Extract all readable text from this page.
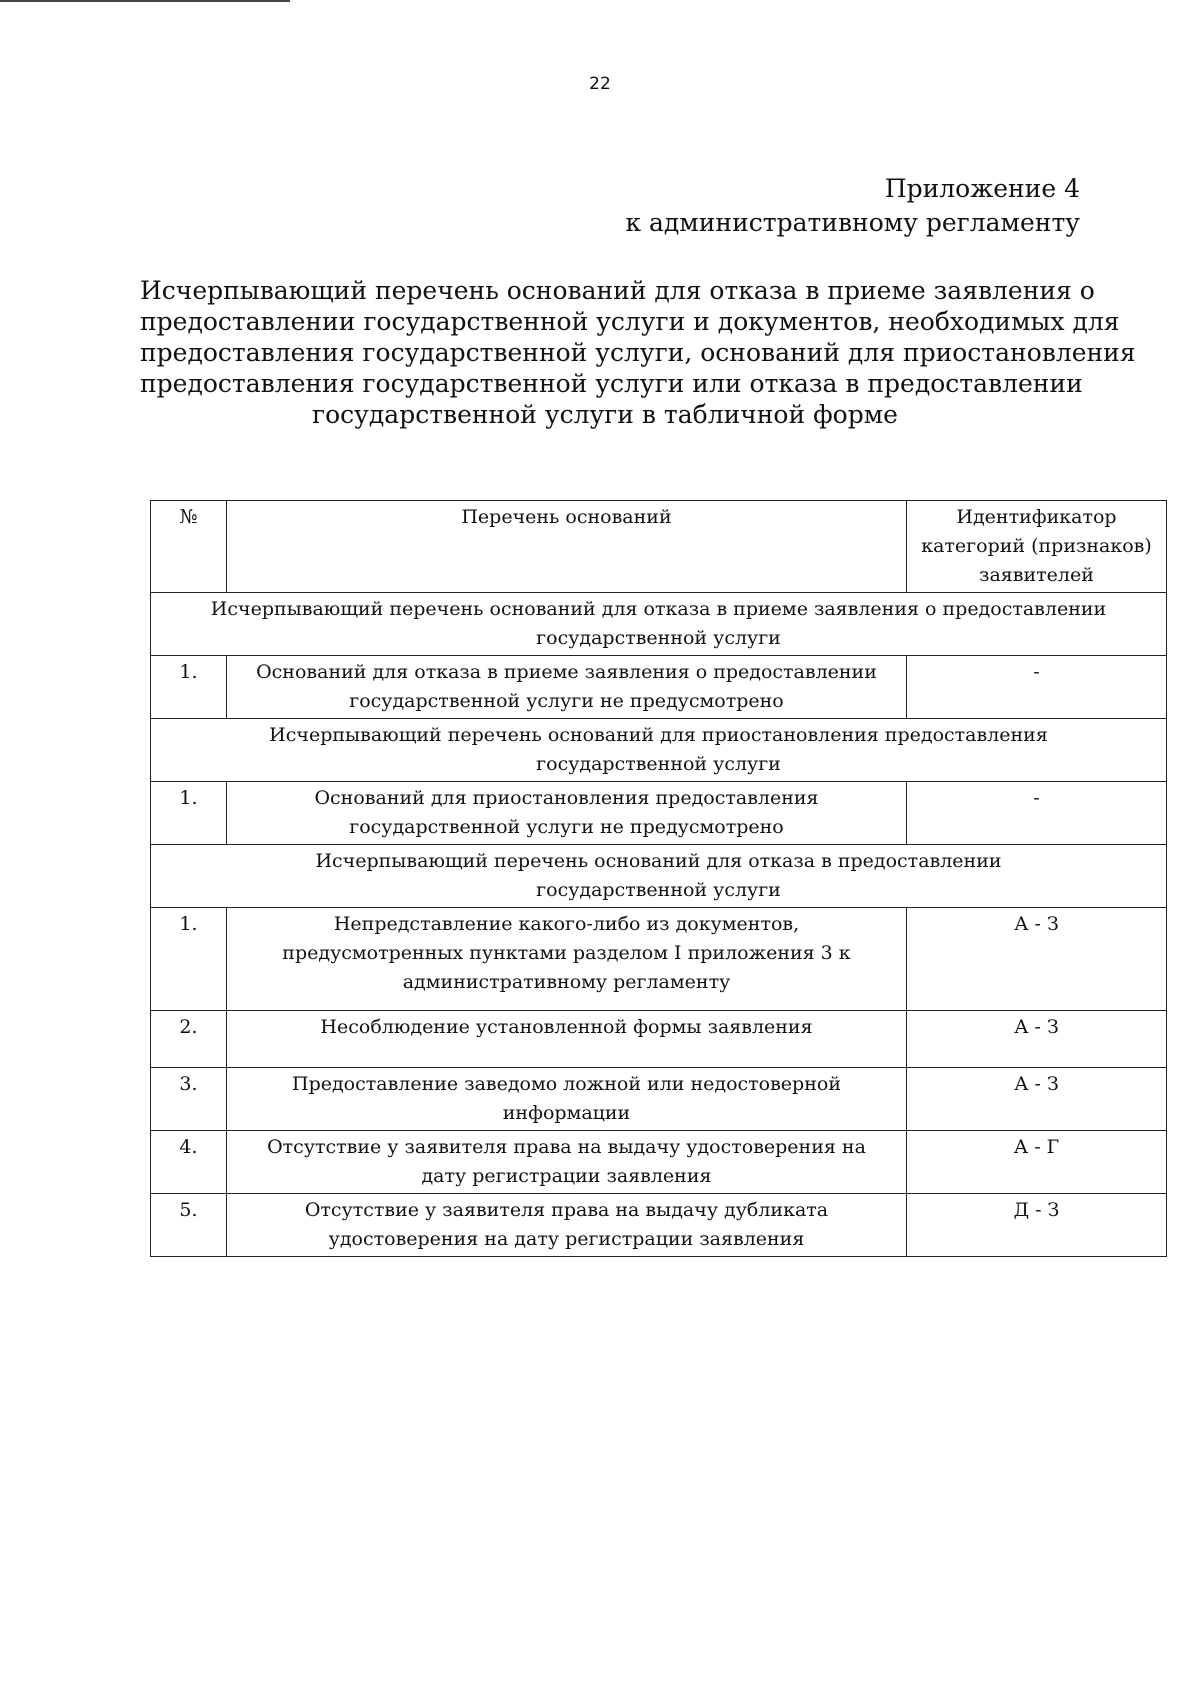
22
Приложение 4
к административному регламенту
Исчерпывающий перечень оснований для отказа в приеме заявления о
предоставлении государственной услуги и документов, необходимых для
предоставления государственной услуги, оснований для приостановления
предоставления государственной услуги или отказа в предоставлении
государственной услуги в табличной форме
№	Перечень оснований	Идентификатор
категорий (признаков)
заявителей

Исчерпывающий перечень оснований для отказа в приеме заявления о предоставлении
государственной услуги		

1.	Оснований для отказа в приеме заявления о предоставлении
государственной услуги не предусмотрено	-

Исчерпывающий перечень оснований для приостановления предоставления
государственной услуги		

1.	Оснований для приостановления предоставления
государственной услуги не предусмотрено	-

Исчерпывающий перечень оснований для отказа в предоставлении
государственной услуги		

1.	Непредставление какого-либо из документов,
предусмотренных пунктами разделом I приложения 3 к
административному регламенту	А - З
2.	Несоблюдение установленной формы заявления	А - З
3.	Предоставление заведомо ложной или недостоверной
информации	А - З
4.	Отсутствие у заявителя права на выдачу удостоверения на
дату регистрации заявления	А - Г
5.	Отсутствие у заявителя права на выдачу дубликата
удостоверения на дату регистрации заявления	Д - З
